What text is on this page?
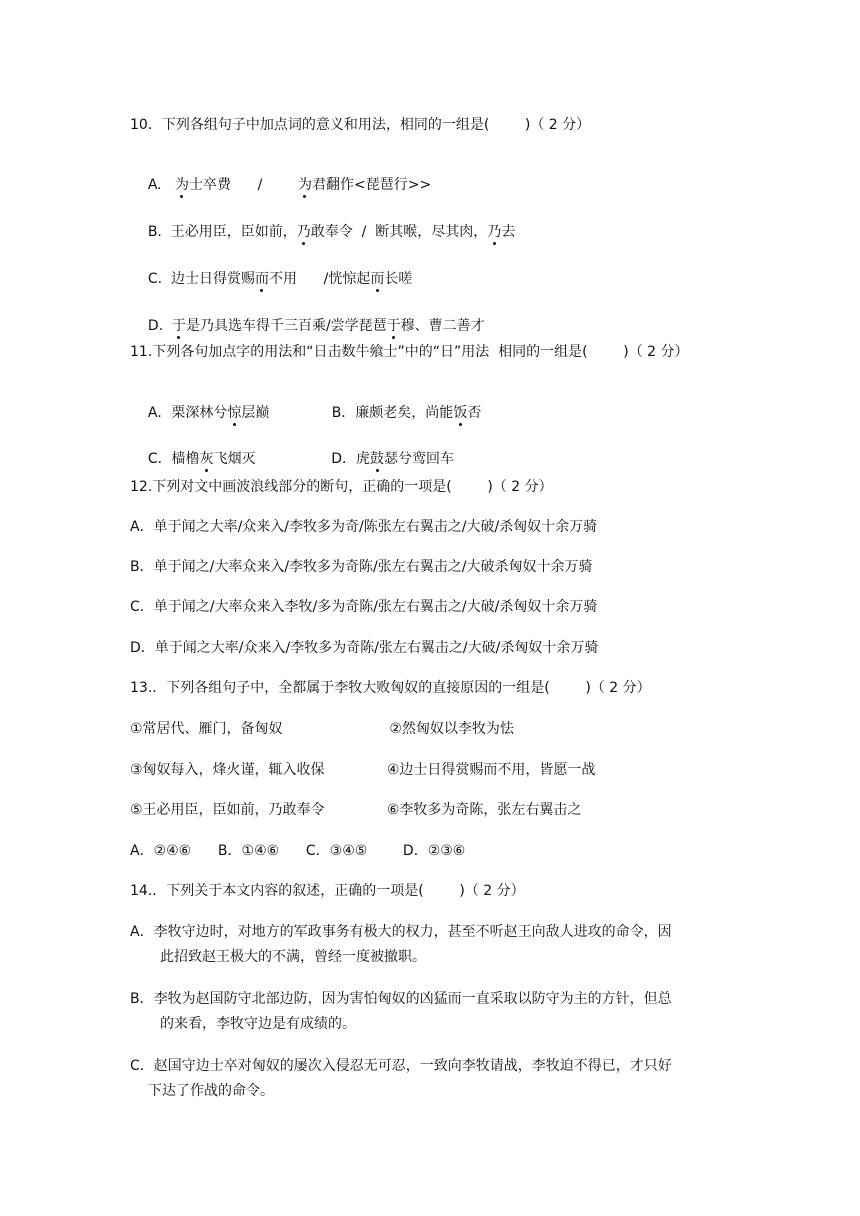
10．下列各组句子中加点词的意义和用法，相同的一组是(        )（ 2 分）

A.   为士卒费      /        为君翻作<琵琶行>>

B.  王必用臣，臣如前，乃敢奉令  /  断其喉，尽其肉，乃去

C.  边士日得赏赐而不用      /恍惊起而长嗟

D.  于是乃具选车得千三百乘/尝学琵琶于穆、曹二善才

11.下列各句加点字的用法和“日击数牛飨士”中的“日”用法  相同的一组是(        )（ 2 分）

A．栗深林兮惊层巅              B．廉颇老矣，尚能饭否

C．樯橹灰飞烟灭                 D．虎鼓瑟兮鸾回车

12.下列对文中画波浪线部分的断句，正确的一项是(        )（ 2 分）
A．单于闻之大率/众来入/李牧多为奇/陈张左右翼击之/大破/杀匈奴十余万骑
B．单于闻之/大率众来入/李牧多为奇陈/张左右翼击之/大破杀匈奴十余万骑
C．单于闻之/大率众来入李牧/多为奇陈/张左右翼击之/大破/杀匈奴十余万骑
D．单于闻之大率/众来入/李牧多为奇陈/张左右翼击之/大破/杀匈奴十余万骑
13.．下列各组句子中，全都属于李牧大败匈奴的直接原因的一组是(        )（ 2 分）
①常居代、雁门，备匈奴                        ②然匈奴以李牧为怯
③匈奴每入，烽火谨，辄入收保              ④边士日得赏赐而不用，皆愿一战
⑤王必用臣，臣如前，乃敢奉令              ⑥李牧多为奇陈，张左右翼击之
A．②④⑥      B．①④⑥      C．③④⑤        D．②③⑥
14.．下列关于本文内容的叙述，正确的一项是(        )（ 2 分）
A．李牧守边时，对地方的军政事务有极大的权力，甚至不听赵王向敌人进攻的命令，因
此招致赵王极大的不满，曾经一度被撤职。
B．李牧为赵国防守北部边防，因为害怕匈奴的凶猛而一直采取以防守为主的方针，但总
的来看，李牧守边是有成绩的。
C．赵国守边士卒对匈奴的屡次入侵忍无可忍，一致向李牧请战，李牧迫不得已，才只好
下达了作战的命令。
